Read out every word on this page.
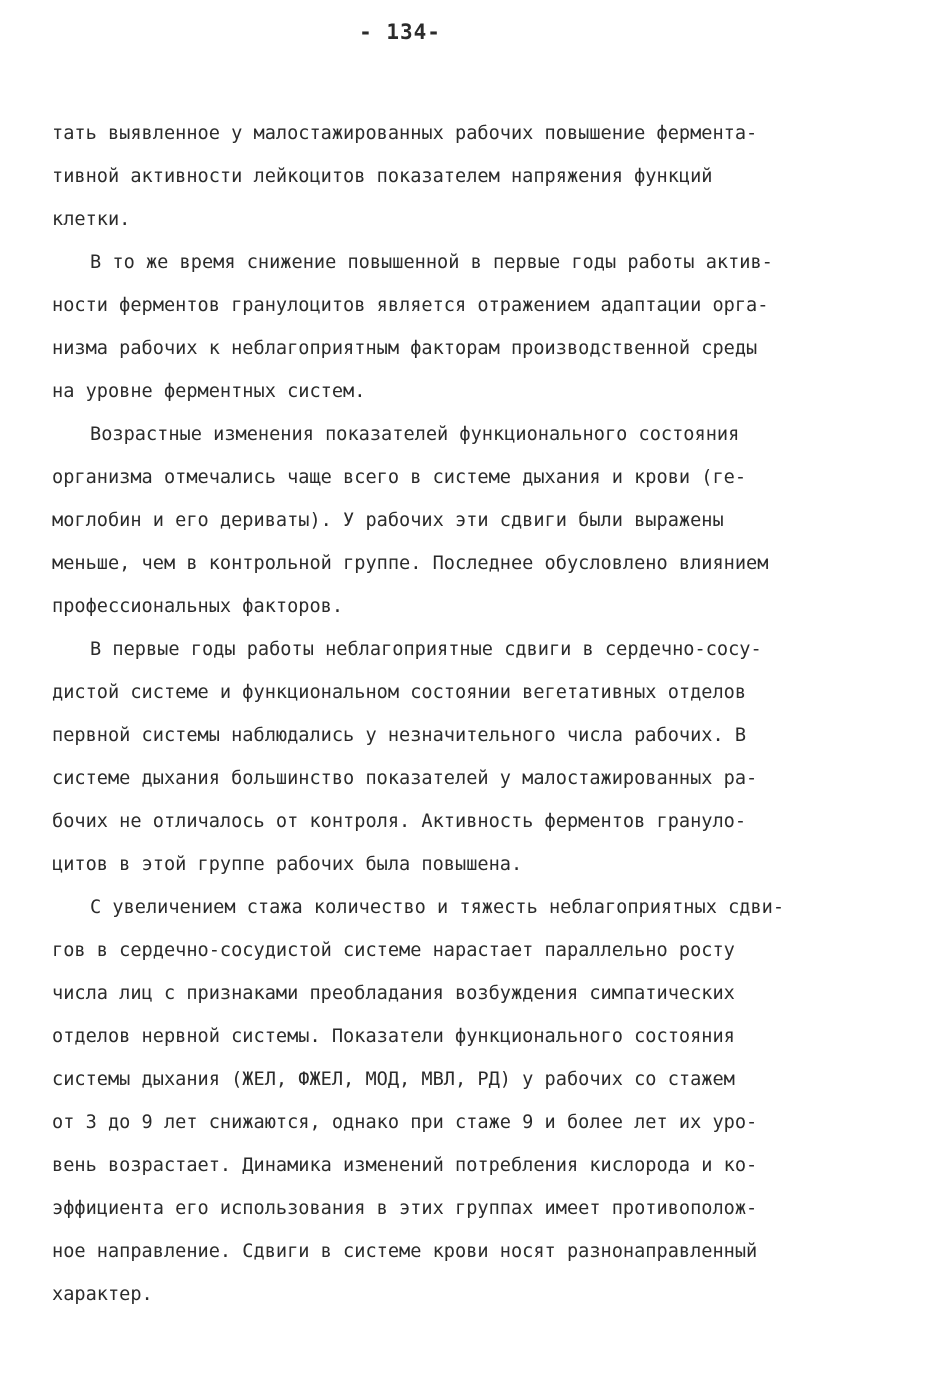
- 134-
тать выявленное у малостажированных рабочих повышение фермента-
тивной активности лейкоцитов показателем напряжения функций
клетки.
В то же время снижение повышенной в первые годы работы актив-
ности ферментов гранулоцитов является отражением адаптации орга-
низма рабочих к неблагоприятным факторам производственной среды
на уровне ферментных систем.
Возрастные изменения показателей функционального состояния
организма отмечались чаще всего в системе дыхания и крови (ге-
моглобин и его дериваты). У рабочих эти сдвиги были выражены
меньше, чем в контрольной группе. Последнее обусловлено влиянием
профессиональных факторов.
В первые годы работы неблагоприятные сдвиги в сердечно-сосу-
дистой системе и функциональном состоянии вегетативных отделов
первной системы наблюдались у незначительного числа рабочих. В
системе дыхания большинство показателей у малостажированных ра-
бочих не отличалось от контроля. Активность ферментов грануло-
цитов в этой группе рабочих была повышена.
С увеличением стажа количество и тяжесть неблагоприятных сдви-
гов в сердечно-сосудистой системе нарастает параллельно росту
числа лиц с признаками преобладания возбуждения симпатических
отделов нервной системы. Показатели функционального состояния
системы дыхания (ЖЕЛ, ФЖЕЛ, МОД, МВЛ, РД) у рабочих со стажем
от 3 до 9 лет снижаются, однако при стаже 9 и более лет их уро-
вень возрастает. Динамика изменений потребления кислорода и ко-
эффициента его использования в этих группах имеет противополож-
ное направление. Сдвиги в системе крови носят разнонаправленный
характер.
